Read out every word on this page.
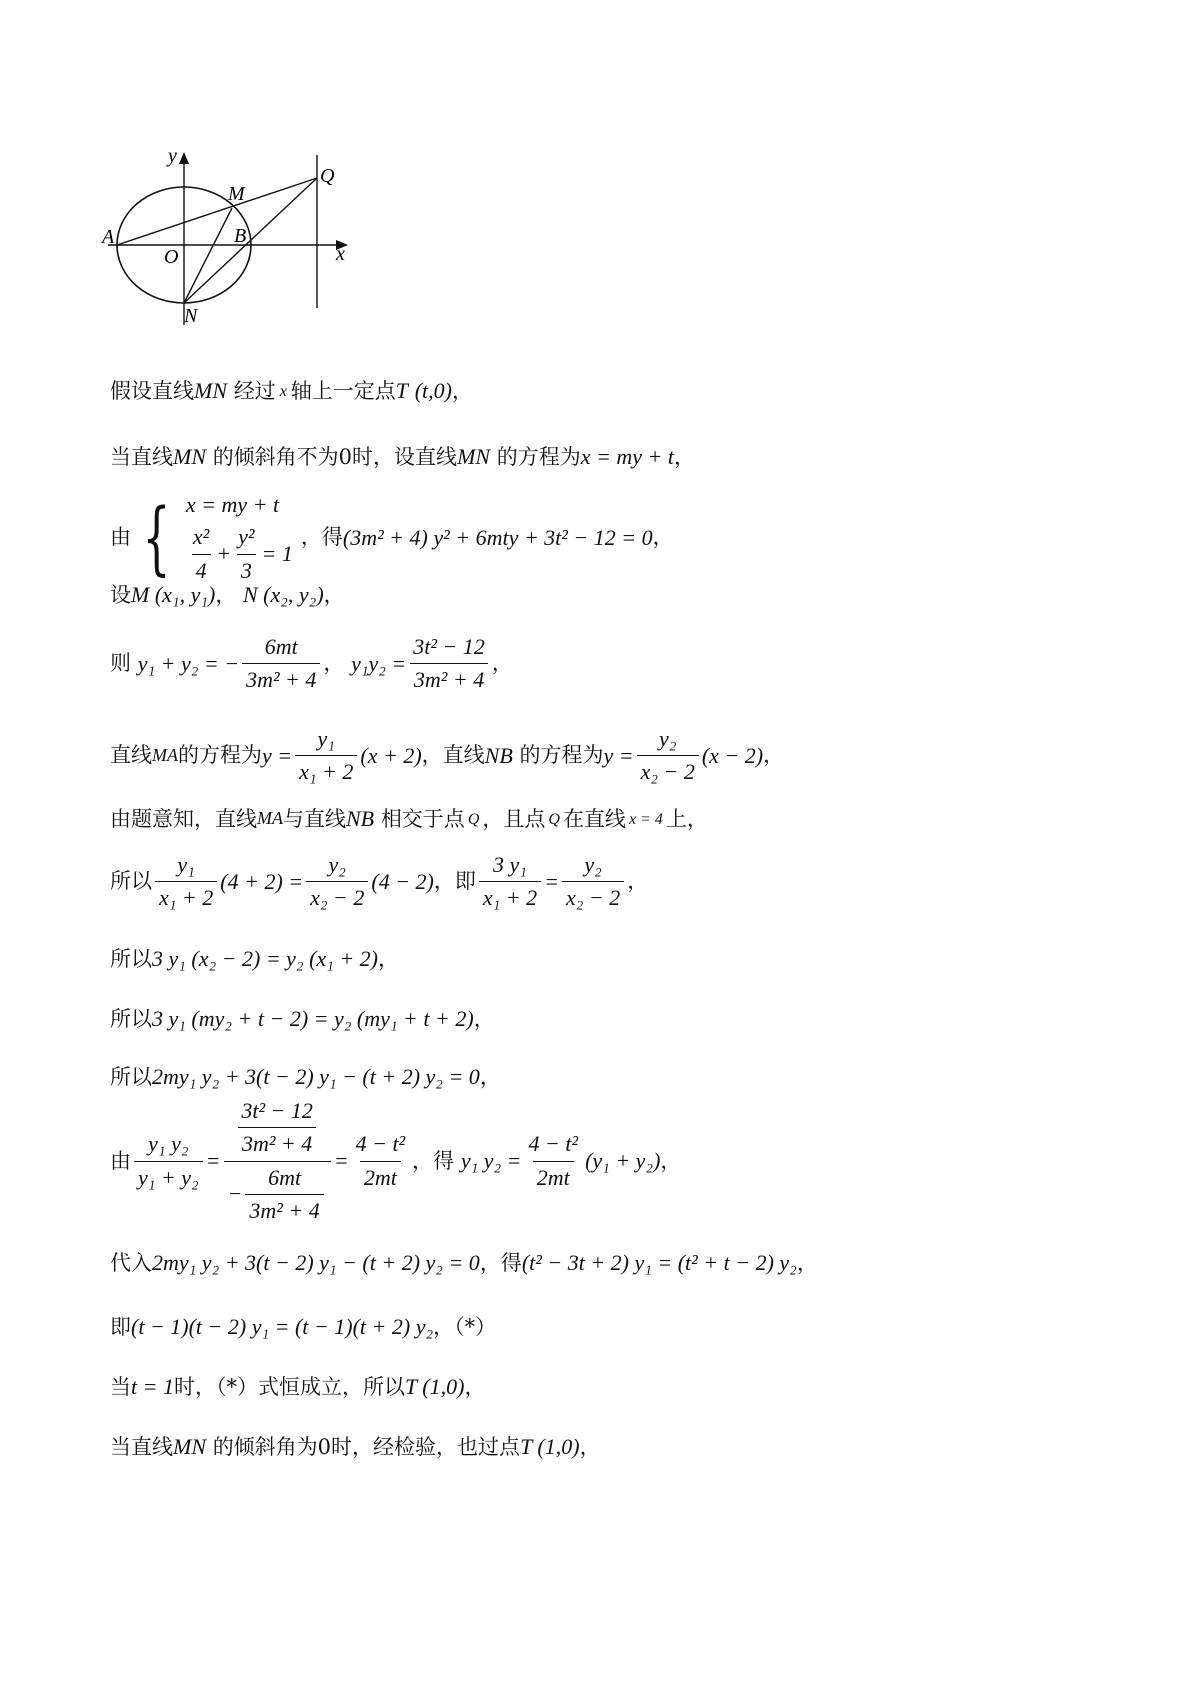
y
x
O
A	B
M
N
Q
假设直线 MN
经过 x 轴上一定点 T
(t,0) ，
当直线 MN
的倾斜角不为0时，设直线 MN
的方程为 x = my + t ，
由 { x = my + t
$\frac{\text{x²}}{4} + \frac{\text{y²}}{3} = 1$
，得 (3m² + 4) y² + 6mty + 3t² − 12 = 0 ，
设 M (x₁, y₁) ，
N (x₂, y₂) ，
则
y₁ + y₂ = − $\frac{6mt}{\text{3m² + 4}}$ ，
$y_1y_2 = \frac{\text{3t² − 12}}{\text{3m² + 4}}$ ，
直线 MA 的方程为 $y = \frac{\text{y₁}}{\text{x₁ + 2}} (x + 2)$ ，直线 NB
的方程为 $y = \frac{\text{y₂}}{\text{x₂ − 2}} (x - 2)$ ，
由题意知，直线 MA 与直线 NB
相交于点 Q ，且点 Q 在直线 x = 4 上，
所以 $\frac{\text{y₁}}{\text{x₁ + 2}} (4 + 2) = \frac{\text{y₂}}{\text{x₂ − 2}} (4 - 2)$ ，即 $\frac{\text{3 y₁}}{\text{x₁ + 2}} = \frac{\text{y₂}}{\text{x₂ − 2}}$ ，
所以 3 y₁ (x₂ − 2) = y₂ (x₁ + 2) ，
所以 3 y₁ (my₂ + t − 2) = y₂ (my₁ + t + 2) ，
所以 2my₁ y₂ + 3(t − 2) y₁ − (t + 2) y₂ = 0 ，
由 $\frac{\text{y₁ y₂}}{\text{y₁ + y₂}} = \frac{\frac{\text{3t² − 12}}{\text{3m² + 4}}}{- \frac{6mt}{\text{3m² + 4}}} = \frac{\text{4 − t²}}{2mt}$ ，得
y₁ $y_2 = \frac{\text{4 − t²}}{2mt} (y_1 + y_2)$ ，
代入 2my₁ y₂ + 3(t − 2) y₁ − (t + 2) y₂ = 0 ，得 (t² − 3t + 2) y₁ = (t² + t − 2) y₂ ，
即 (t − 1)(t − 2) y₁ = (t − 1)(t + 2) y₂ ，（*）
当 t = 1 时，（*）式恒成立，所以 T (1,0) ，
当直线 MN
的倾斜角为0时，经检验，也过点 T (1,0) ，
